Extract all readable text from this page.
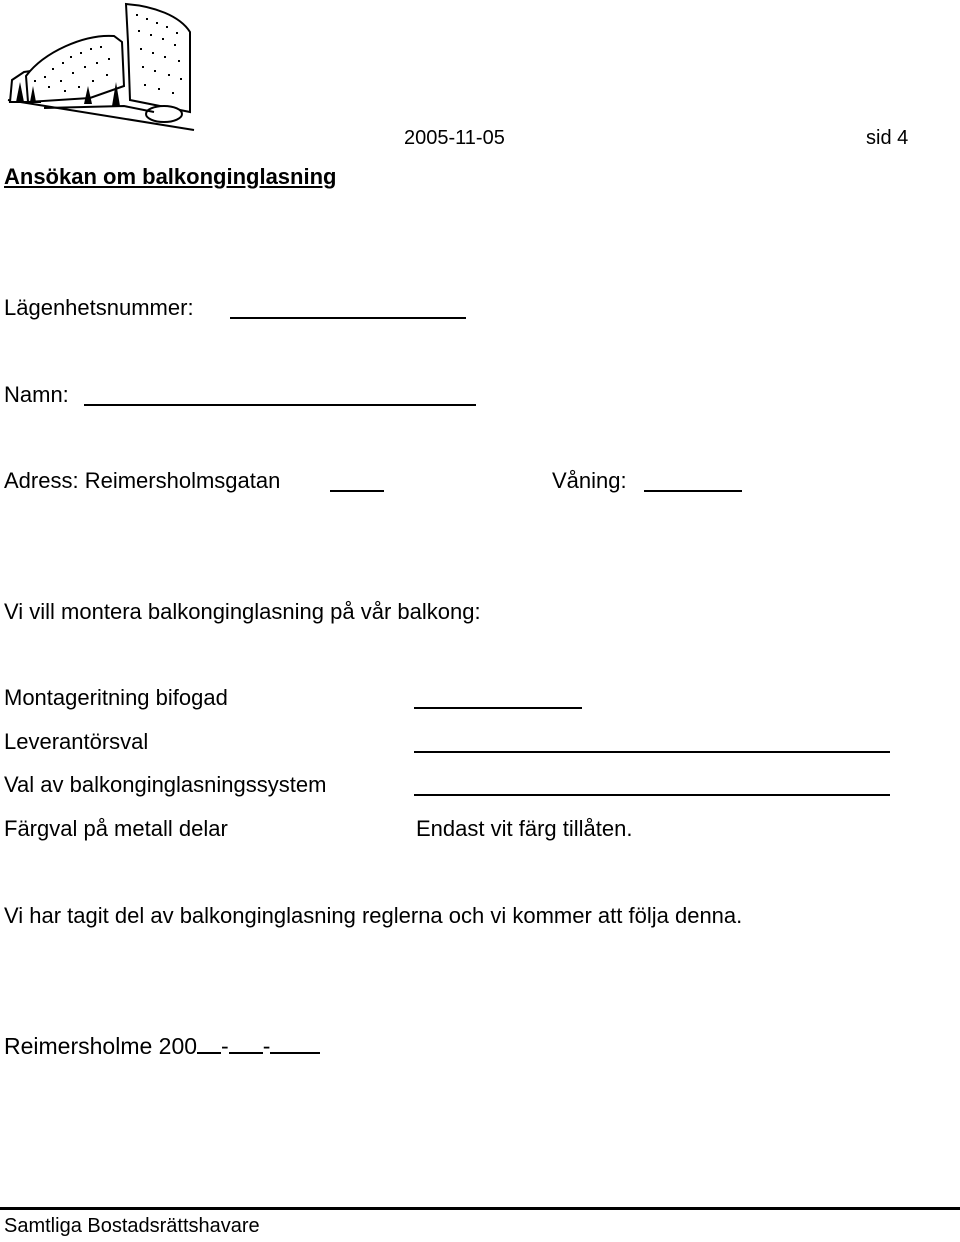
2005-11-05	sid 4
Ansökan om balkonginglasning
Lägenhetsnummer:
Namn:
Adress: Reimersholmsgatan	Våning:
Vi vill montera balkonginglasning på vår balkong:
Montageritning bifogad
Leverantörsval
Val av balkonginglasningssystem
Färgval på metall delar	Endast vit färg tillåten.
Vi har tagit del av balkonginglasning reglerna och vi kommer att följa denna.
Reimersholme 200 - -
Samtliga Bostadsrättshavare
